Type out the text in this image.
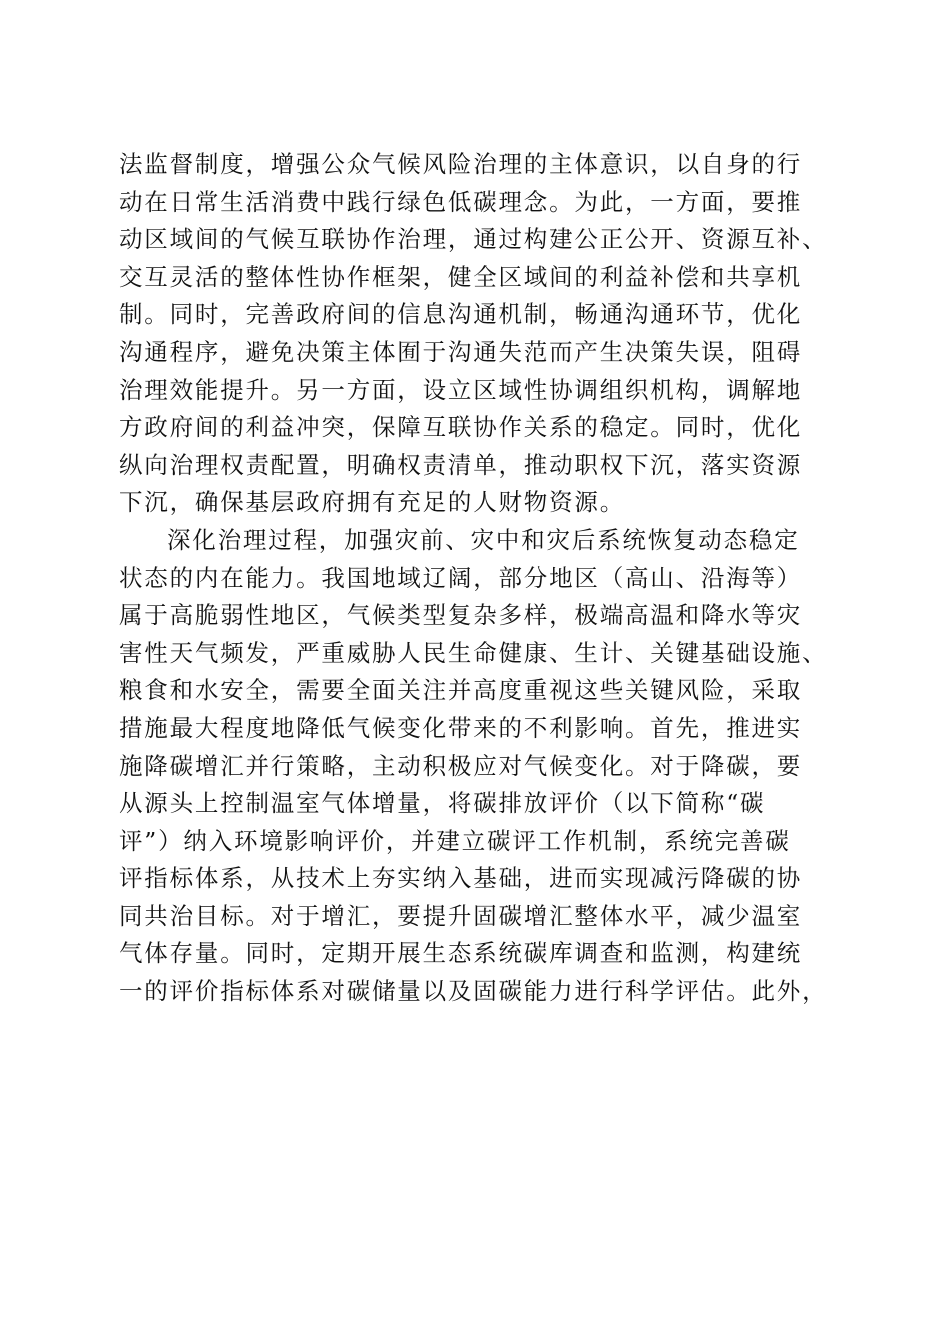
法监督制度，增强公众气候风险治理的主体意识，以自身的行
动在日常生活消费中践行绿色低碳理念。为此，一方面，要推
动区域间的气候互联协作治理，通过构建公正公开、资源互补、
交互灵活的整体性协作框架，健全区域间的利益补偿和共享机
制。同时，完善政府间的信息沟通机制，畅通沟通环节，优化
沟通程序，避免决策主体囿于沟通失范而产生决策失误，阻碍
治理效能提升。另一方面，设立区域性协调组织机构，调解地
方政府间的利益冲突，保障互联协作关系的稳定。同时，优化
纵向治理权责配置，明确权责清单，推动职权下沉，落实资源
下沉，确保基层政府拥有充足的人财物资源。
深化治理过程，加强灾前、灾中和灾后系统恢复动态稳定
状态的内在能力。我国地域辽阔，部分地区（高山、沿海等）
属于高脆弱性地区，气候类型复杂多样，极端高温和降水等灾
害性天气频发，严重威胁人民生命健康、生计、关键基础设施、
粮食和水安全，需要全面关注并高度重视这些关键风险，采取
措施最大程度地降低气候变化带来的不利影响。首先，推进实
施降碳增汇并行策略，主动积极应对气候变化。对于降碳，要
从源头上控制温室气体增量，将碳排放评价（以下简称“碳
评”）纳入环境影响评价，并建立碳评工作机制，系统完善碳
评指标体系，从技术上夯实纳入基础，进而实现减污降碳的协
同共治目标。对于增汇，要提升固碳增汇整体水平，减少温室
气体存量。同时，定期开展生态系统碳库调查和监测，构建统
一的评价指标体系对碳储量以及固碳能力进行科学评估。此外，
